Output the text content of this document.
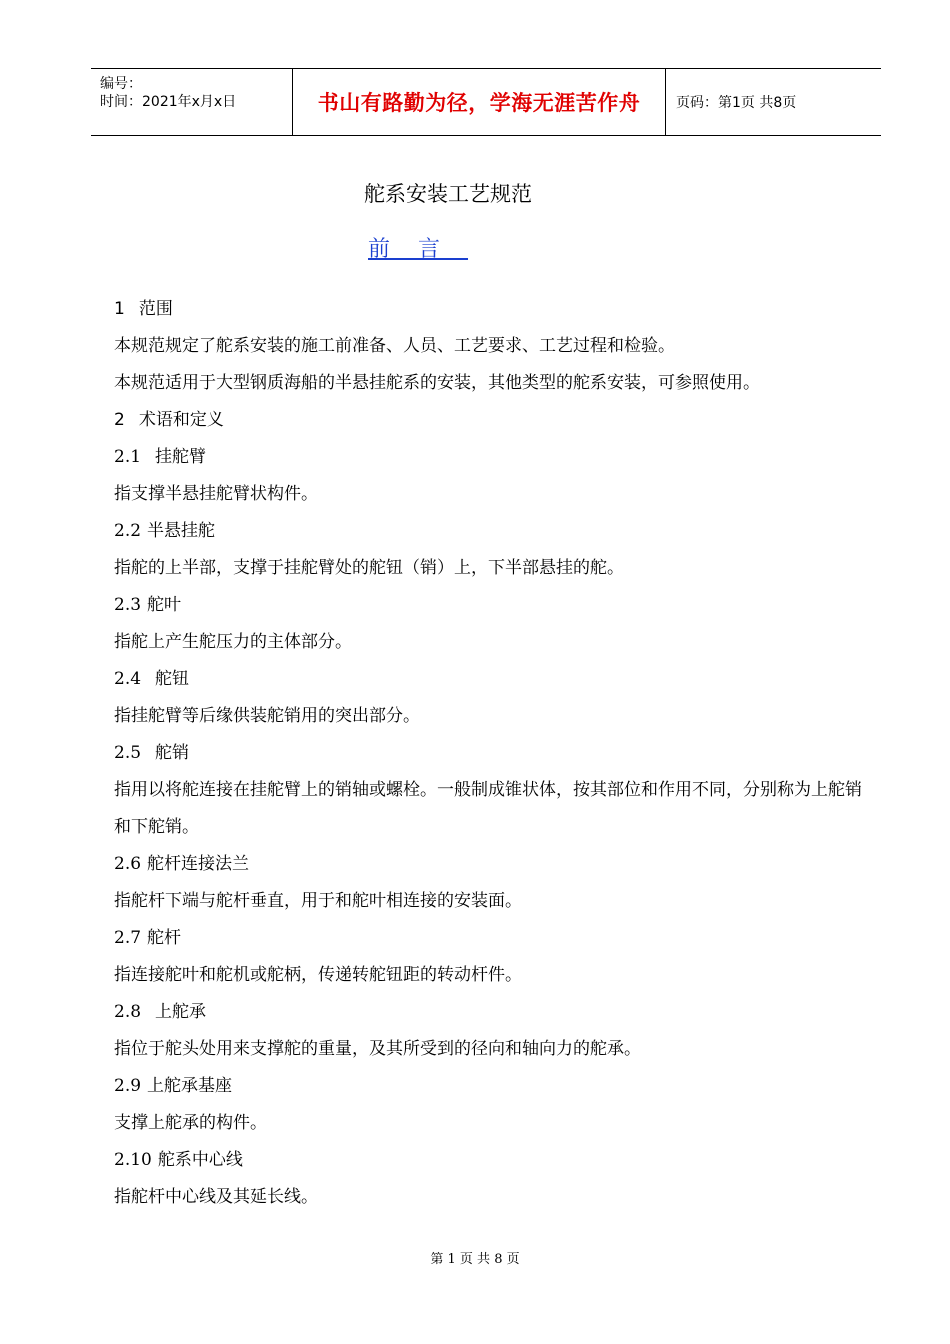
编号：
时间：2021年x月x日	书山有路勤为径，学海无涯苦作舟	页码：第1页 共8页
舵系安装工艺规范
前言

1 范围

本规范规定了舵系安装的施工前准备、人员、工艺要求、工艺过程和检验。

本规范适用于大型钢质海船的半悬挂舵系的安装，其他类型的舵系安装，可参照使用。

2 术语和定义

2.1 挂舵臂

指支撑半悬挂舵臂状构件。

2.2 半悬挂舵

指舵的上半部，支撑于挂舵臂处的舵钮（销）上，下半部悬挂的舵。

2.3 舵叶

指舵上产生舵压力的主体部分。

2.4 舵钮

指挂舵臂等后缘供装舵销用的突出部分。

2.5 舵销

指用以将舵连接在挂舵臂上的销轴或螺栓。一般制成锥状体，按其部位和作用不同，分别称为上舵销和下舵销。

2.6 舵杆连接法兰

指舵杆下端与舵杆垂直，用于和舵叶相连接的安装面。

2.7 舵杆

指连接舵叶和舵机或舵柄，传递转舵钮距的转动杆件。

2.8 上舵承

指位于舵头处用来支撑舵的重量，及其所受到的径向和轴向力的舵承。

2.9 上舵承基座

支撑上舵承的构件。

2.10 舵系中心线

指舵杆中心线及其延长线。

第 1 页 共 8 页
